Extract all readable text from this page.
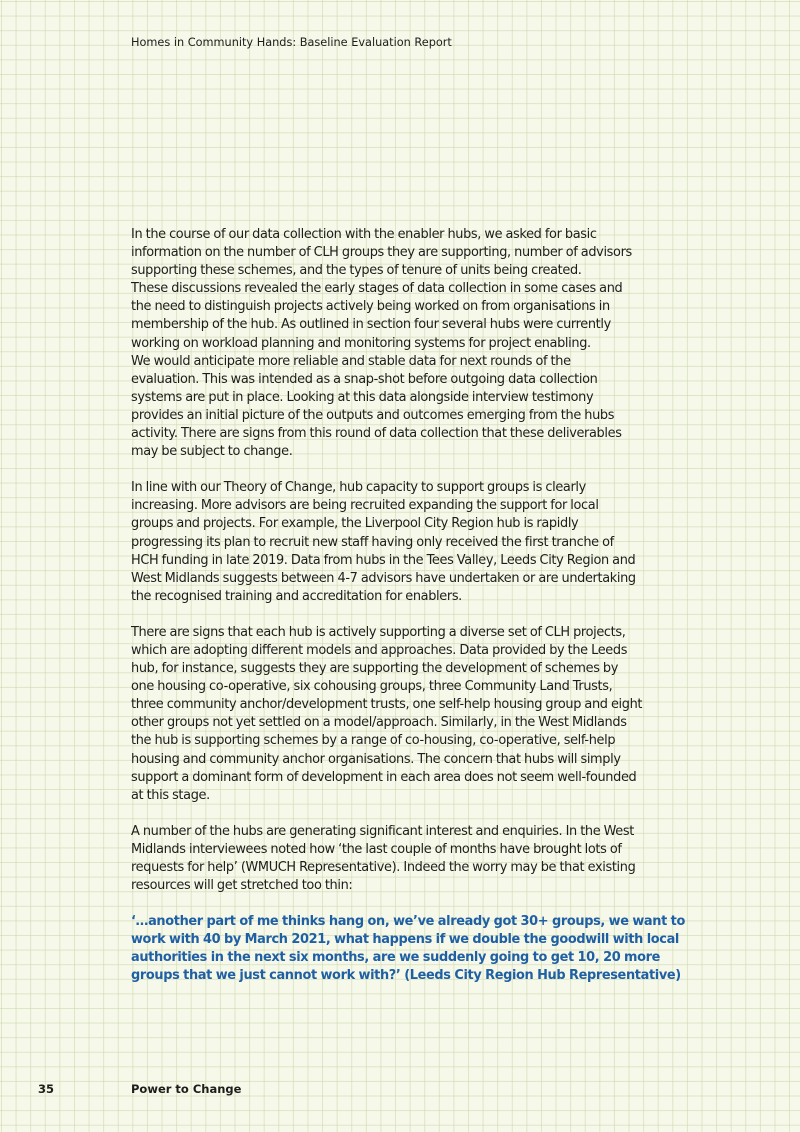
Homes in Community Hands: Baseline Evaluation Report

In the course of our data collection with the enabler hubs, we asked for basic
information on the number of CLH groups they are supporting, number of advisors
supporting these schemes, and the types of tenure of units being created.
These discussions revealed the early stages of data collection in some cases and
the need to distinguish projects actively being worked on from organisations in
membership of the hub. As outlined in section four several hubs were currently
working on workload planning and monitoring systems for project enabling.
We would anticipate more reliable and stable data for next rounds of the
evaluation. This was intended as a snap-shot before outgoing data collection
systems are put in place. Looking at this data alongside interview testimony
provides an initial picture of the outputs and outcomes emerging from the hubs
activity. There are signs from this round of data collection that these deliverables
may be subject to change.

In line with our Theory of Change, hub capacity to support groups is clearly
increasing. More advisors are being recruited expanding the support for local
groups and projects. For example, the Liverpool City Region hub is rapidly
progressing its plan to recruit new staff having only received the first tranche of
HCH funding in late 2019. Data from hubs in the Tees Valley, Leeds City Region and
West Midlands suggests between 4-7 advisors have undertaken or are undertaking
the recognised training and accreditation for enablers.

There are signs that each hub is actively supporting a diverse set of CLH projects,
which are adopting different models and approaches. Data provided by the Leeds
hub, for instance, suggests they are supporting the development of schemes by
one housing co-operative, six cohousing groups, three Community Land Trusts,
three community anchor/development trusts, one self-help housing group and eight
other groups not yet settled on a model/approach. Similarly, in the West Midlands
the hub is supporting schemes by a range of co-housing, co-operative, self-help
housing and community anchor organisations. The concern that hubs will simply
support a dominant form of development in each area does not seem well-founded
at this stage.

A number of the hubs are generating significant interest and enquiries. In the West
Midlands interviewees noted how ‘the last couple of months have brought lots of
requests for help’ (WMUCH Representative). Indeed the worry may be that existing
resources will get stretched too thin:

‘…another part of me thinks hang on, we’ve already got 30+ groups, we want to
work with 40 by March 2021, what happens if we double the goodwill with local
authorities in the next six months, are we suddenly going to get 10, 20 more
groups that we just cannot work with?’ (Leeds City Region Hub Representative)

35	Power to Change
